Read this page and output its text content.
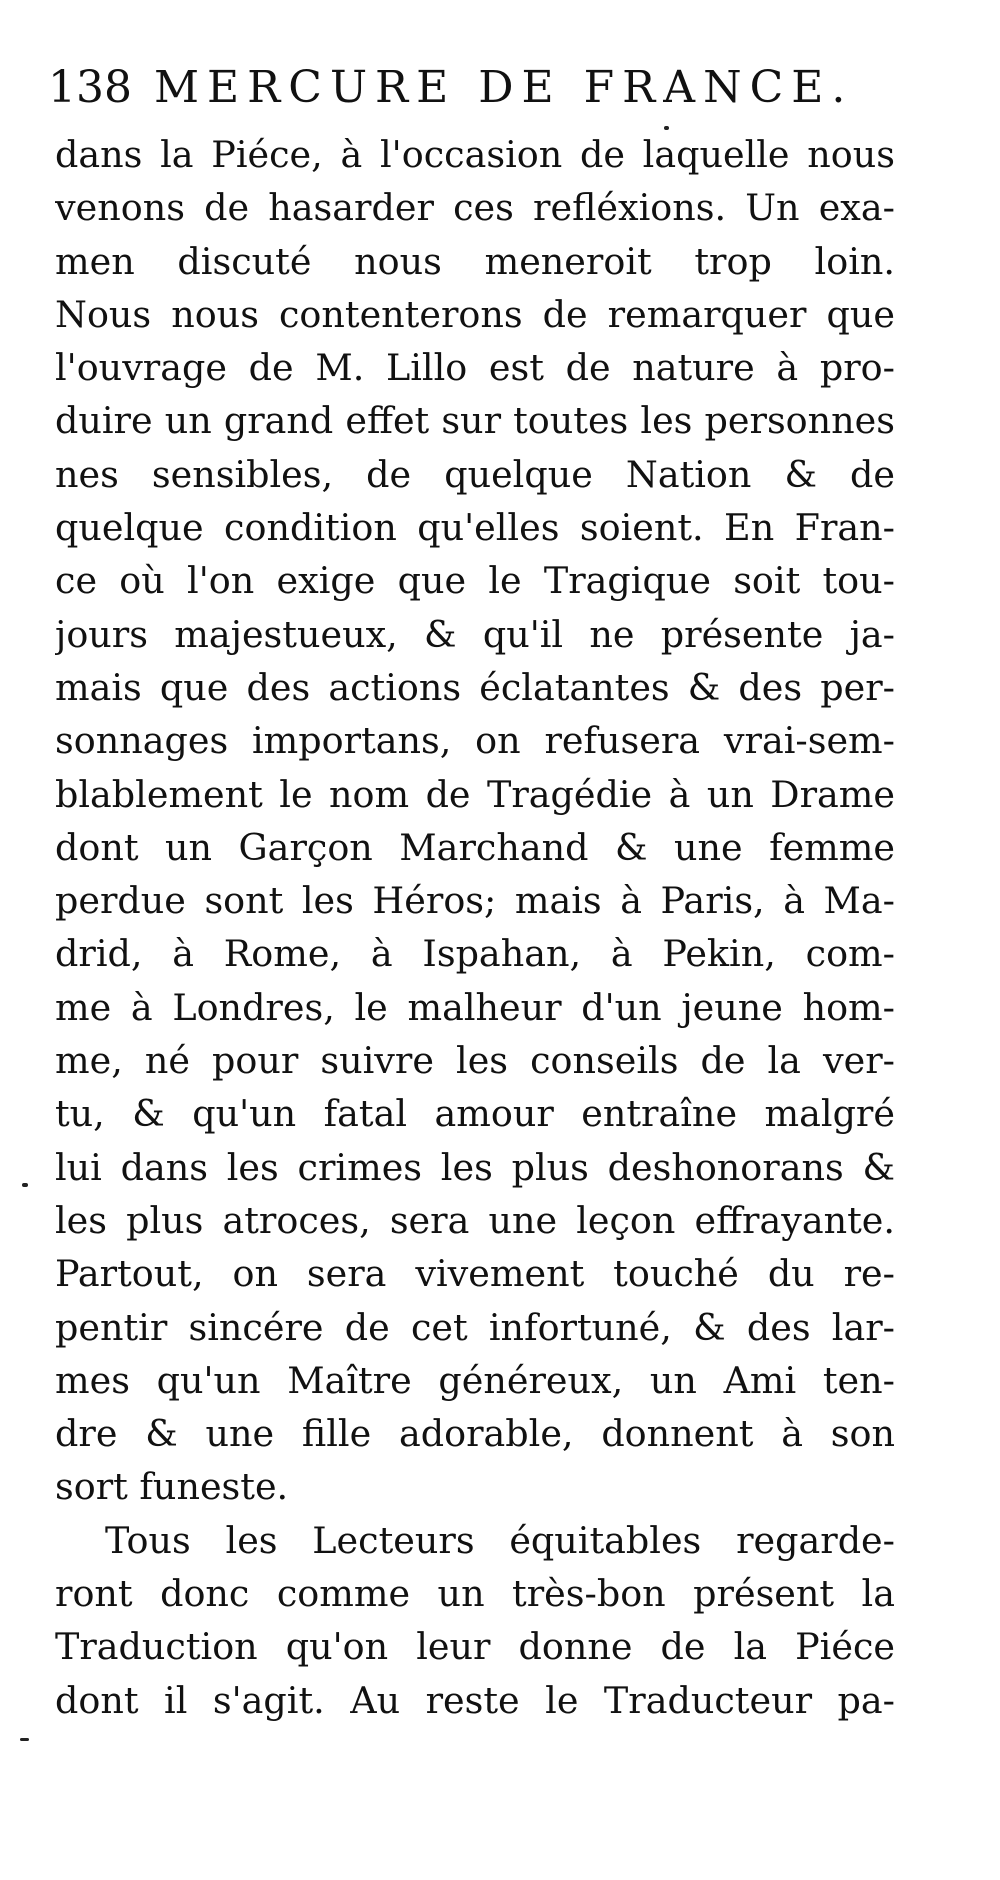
138 MERCURE DE FRANCE.
dans la Piéce, à l'occasion de laquelle nous
venons de hasarder ces refléxions. Un exa-
men discuté nous meneroit trop loin.
Nous nous contenterons de remarquer que
l'ouvrage de M. Lillo est de nature à pro-
duire un grand effet sur toutes les personnes
nes sensibles, de quelque Nation & de
quelque condition qu'elles soient. En Fran-
ce où l'on exige que le Tragique soit tou-
jours majestueux, & qu'il ne présente ja-
mais que des actions éclatantes & des per-
sonnages importans, on refusera vrai-sem-
blablement le nom de Tragédie à un Drame
dont un Garçon Marchand & une femme
perdue sont les Héros; mais à Paris, à Ma-
drid, à Rome, à Ispahan, à Pekin, com-
me à Londres, le malheur d'un jeune hom-
me, né pour suivre les conseils de la ver-
tu, & qu'un fatal amour entraîne malgré
lui dans les crimes les plus deshonorans &
les plus atroces, sera une leçon effrayante.
Partout, on sera vivement touché du re-
pentir sincére de cet infortuné, & des lar-
mes qu'un Maître généreux, un Ami ten-
dre & une fille adorable, donnent à son
sort funeste.
Tous les Lecteurs équitables regarde-
ront donc comme un très-bon présent la
Traduction qu'on leur donne de la Piéce
dont il s'agit. Au reste le Traducteur pa-
